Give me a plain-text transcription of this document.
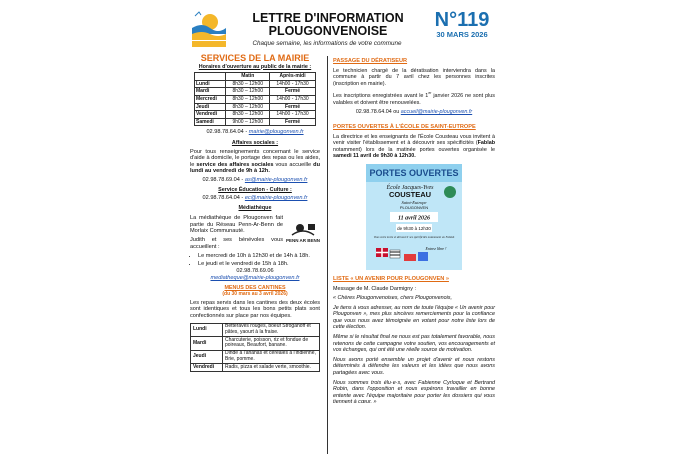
LETTRE D'INFORMATION
PLOUGONVENOISE
Chaque semaine, les informations de votre commune
N°119
30 MARS 2026
SERVICES DE LA MAIRIE
Horaires d'ouverture au public de la mairie :
	Matin	Après-midi
Lundi	8h30 – 12h00	14h00 - 17h30
Mardi	8h30 – 12h00	Fermé
Mercredi	8h30 – 12h00	14h00 - 17h30
Jeudi	8h30 – 12h00	Fermé
Vendredi	8h30 – 12h00	14h00 - 17h30
Samedi	9h00 – 12h00	Fermé
02.98.78.64.04 - mairie@plougonven.fr
Affaires sociales :
Pour tous renseignements concernant le service d'aide à domicile, le portage des repas ou les aides, le service des affaires sociales vous accueille du lundi au vendredi de 9h à 12h.
02.98.78.69.04 - as@mairie-plougonven.fr
Service Éducation - Culture :
02.98.78.64.04 - ec@mairie-plougonven.fr
Médiathèque
La médiathèque de Plougonven fait partie du Réseau Penn-Ar-Benn de Morlaix Communauté.
Judith et ses bénévoles vous accueillent :
PENN AR BENN
• Le mercredi de 10h à 12h30 et de 14h à 18h.
• Le jeudi et le vendredi de 15h à 18h.
02.98.78.69.06
mediatheque@mairie-plougonven.fr
MENUS DES CANTINES
(du 30 mars au 3 avril 2026)
Les repas servis dans les cantines des deux écoles sont identiques et tous les bons petits plats sont confectionnés sur place par nos équipes.
Lundi	Betteraves rouges, boeuf Stroganoff et pâtes, yaourt à la fraise.
Mardi	Charcuterie, poisson, riz et fondue de poireaux, Beaufort, banane.
Jeudi	Dinde à l'ananas et céréales à l'indienne, Brie, pomme.
Vendredi	Radis, pizza et salade verte, smoothie.
PASSAGE DU DÉRATISEUR
Le technicien chargé de la dératisation interviendra dans la commune à partir du 7 avril chez les personnes inscrites (inscription en mairie).
Les inscriptions enregistrées avant le 1er janvier 2026 ne sont plus valables et doivent être renouvelées.
02.98.78.64.04 ou accueil@mairie-plougonven.fr
PORTES OUVERTES À L'ÉCOLE DE SAINT-EUTROPE
La directrice et les enseignants de l'École Cousteau vous invitent à venir visiter l'établissement et à découvrir ses spécificités (Fablab notamment) lors de la matinée portes ouvertes organisée le samedi 11 avril de 9h30 à 12h30.
PORTES OUVERTES
École Jacques-Yves
COUSTEAU
Saint-Eutrope
PLOUGONVEN
11 avril 2026
de 9h30 à 12h30
Vous votre école et découvrir ses spécificités notamment un Fablab
Entrez libre !
LISTE « UN AVENIR POUR PLOUGONVEN »
Message de M. Claude Darmigny :
« Chères Plougonvenoises, chers Plougonvenois,
Je tiens à vous adresser, au nom de toute l'équipe « Un avenir pour Plougonven », mes plus sincères remerciements pour la confiance que vous nous avez témoignée en votant pour notre liste lors de cette élection.
Même si le résultat final ne nous est pas totalement favorable, nous retenons de cette campagne votre soutien, vos encouragements et vos échanges, qui ont été une réelle source de motivation.
Nous avons porté ensemble un projet d'avenir et nous restons déterminés à défendre les valeurs et les idées que nous avons partagées avec vous.
Nous sommes trois élu·e·s, avec Fabienne Cyrloque et Bertrand Robin, dans l'opposition et nous espérons travailler en bonne entente avec l'équipe majoritaire pour porter les dossiers qui vous tiennent à cœur. »
